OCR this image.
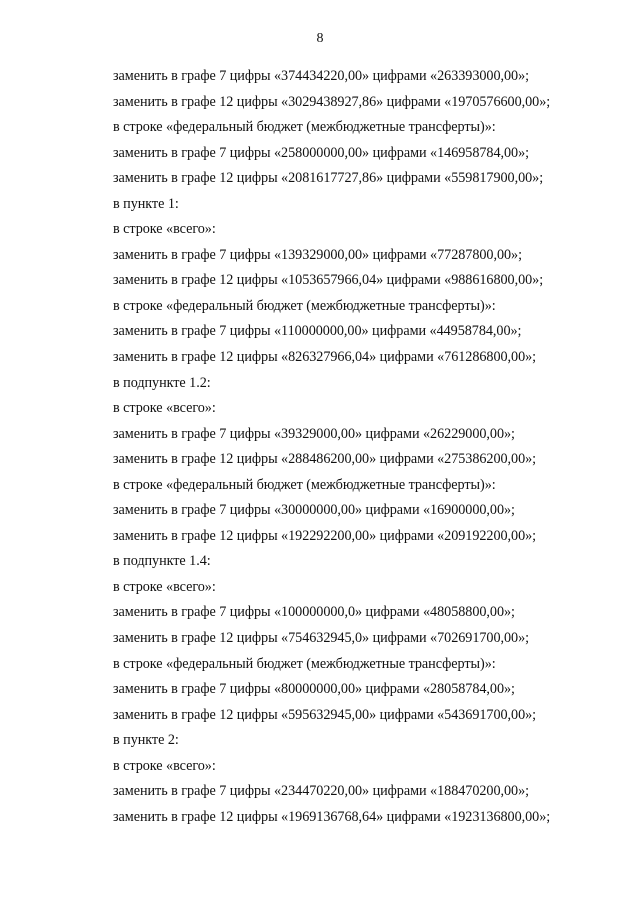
8
заменить в графе 7 цифры «374434220,00» цифрами «263393000,00»;
заменить в графе 12 цифры «3029438927,86» цифрами «1970576600,00»;
в строке «федеральный бюджет (межбюджетные трансферты)»:
заменить в графе 7 цифры «258000000,00» цифрами «146958784,00»;
заменить в графе 12 цифры «2081617727,86» цифрами «559817900,00»;
в пункте 1:
в строке «всего»:
заменить в графе 7 цифры «139329000,00» цифрами «77287800,00»;
заменить в графе 12 цифры «1053657966,04» цифрами «988616800,00»;
в строке «федеральный бюджет (межбюджетные трансферты)»:
заменить в графе 7 цифры «110000000,00» цифрами «44958784,00»;
заменить в графе 12 цифры «826327966,04» цифрами «761286800,00»;
в подпункте 1.2:
в строке «всего»:
заменить в графе 7 цифры «39329000,00» цифрами «26229000,00»;
заменить в графе 12 цифры «288486200,00» цифрами «275386200,00»;
в строке «федеральный бюджет (межбюджетные трансферты)»:
заменить в графе 7 цифры «30000000,00» цифрами «16900000,00»;
заменить в графе 12 цифры «192292200,00» цифрами «209192200,00»;
в подпункте 1.4:
в строке «всего»:
заменить в графе 7 цифры «100000000,0» цифрами «48058800,00»;
заменить в графе 12 цифры «754632945,0» цифрами «702691700,00»;
в строке «федеральный бюджет (межбюджетные трансферты)»:
заменить в графе 7 цифры «80000000,00» цифрами «28058784,00»;
заменить в графе 12 цифры «595632945,00» цифрами «543691700,00»;
в пункте 2:
в строке «всего»:
заменить в графе 7 цифры «234470220,00» цифрами «188470200,00»;
заменить в графе 12 цифры «1969136768,64» цифрами «1923136800,00»;
